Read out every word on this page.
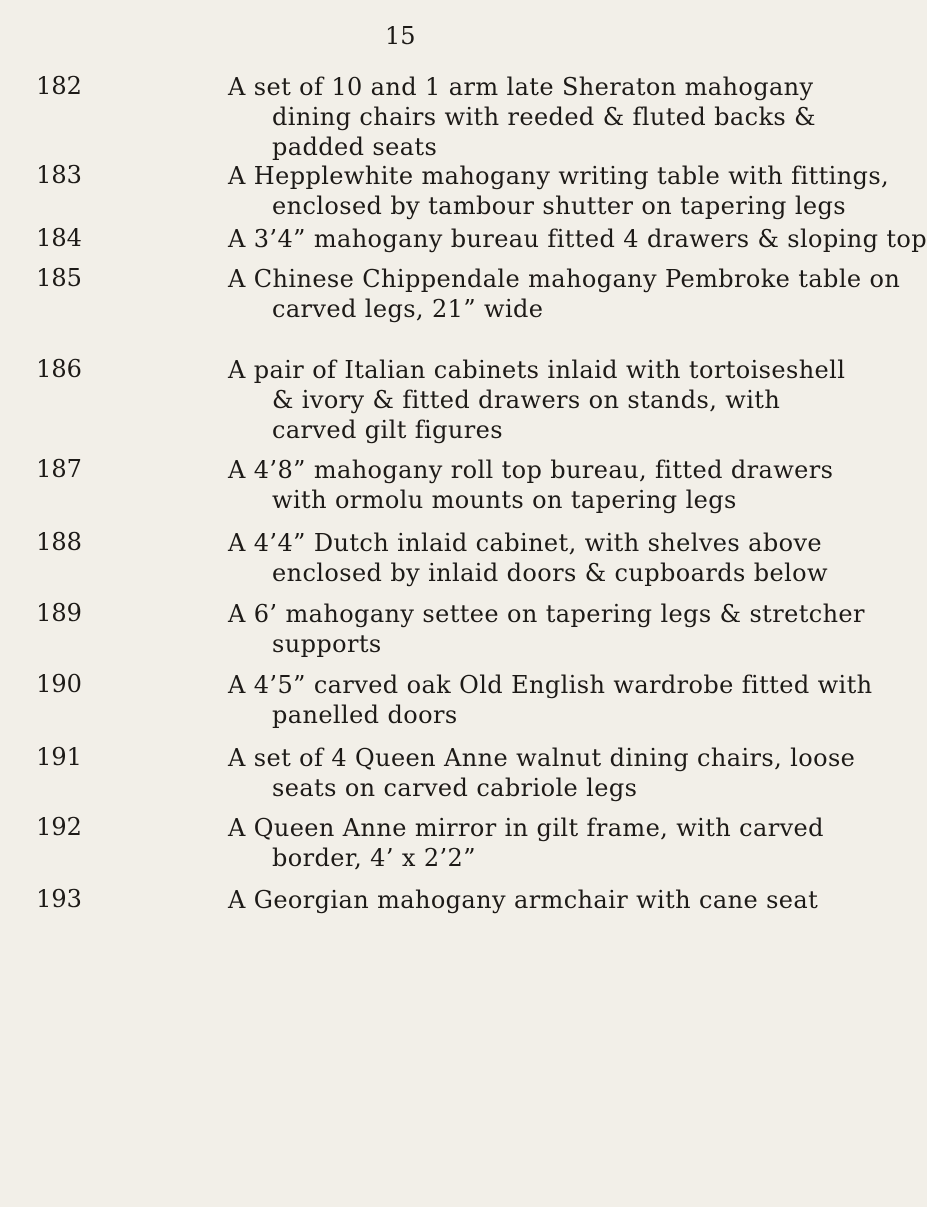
15
182	A set of 10 and 1 arm late Sheraton mahogany
dining chairs with reeded & fluted backs &
padded seats
183	A Hepplewhite mahogany writing table with fittings,
enclosed by tambour shutter on tapering legs
184	A 3’4” mahogany bureau fitted 4 drawers & sloping top
185	A Chinese Chippendale mahogany Pembroke table on
carved legs, 21” wide
186	A pair of Italian cabinets inlaid with tortoiseshell
& ivory & fitted drawers on stands, with
carved gilt figures
187	A 4’8” mahogany roll top bureau, fitted drawers
with ormolu mounts on tapering legs
188	A 4’4” Dutch inlaid cabinet, with shelves above
enclosed by inlaid doors & cupboards below
189	A 6’ mahogany settee on tapering legs & stretcher
supports
190	A 4’5” carved oak Old English wardrobe fitted with
panelled doors
191	A set of 4 Queen Anne walnut dining chairs, loose
seats on carved cabriole legs
192	A Queen Anne mirror in gilt frame, with carved
border, 4’ x 2’2”
193	A Georgian mahogany armchair with cane seat
